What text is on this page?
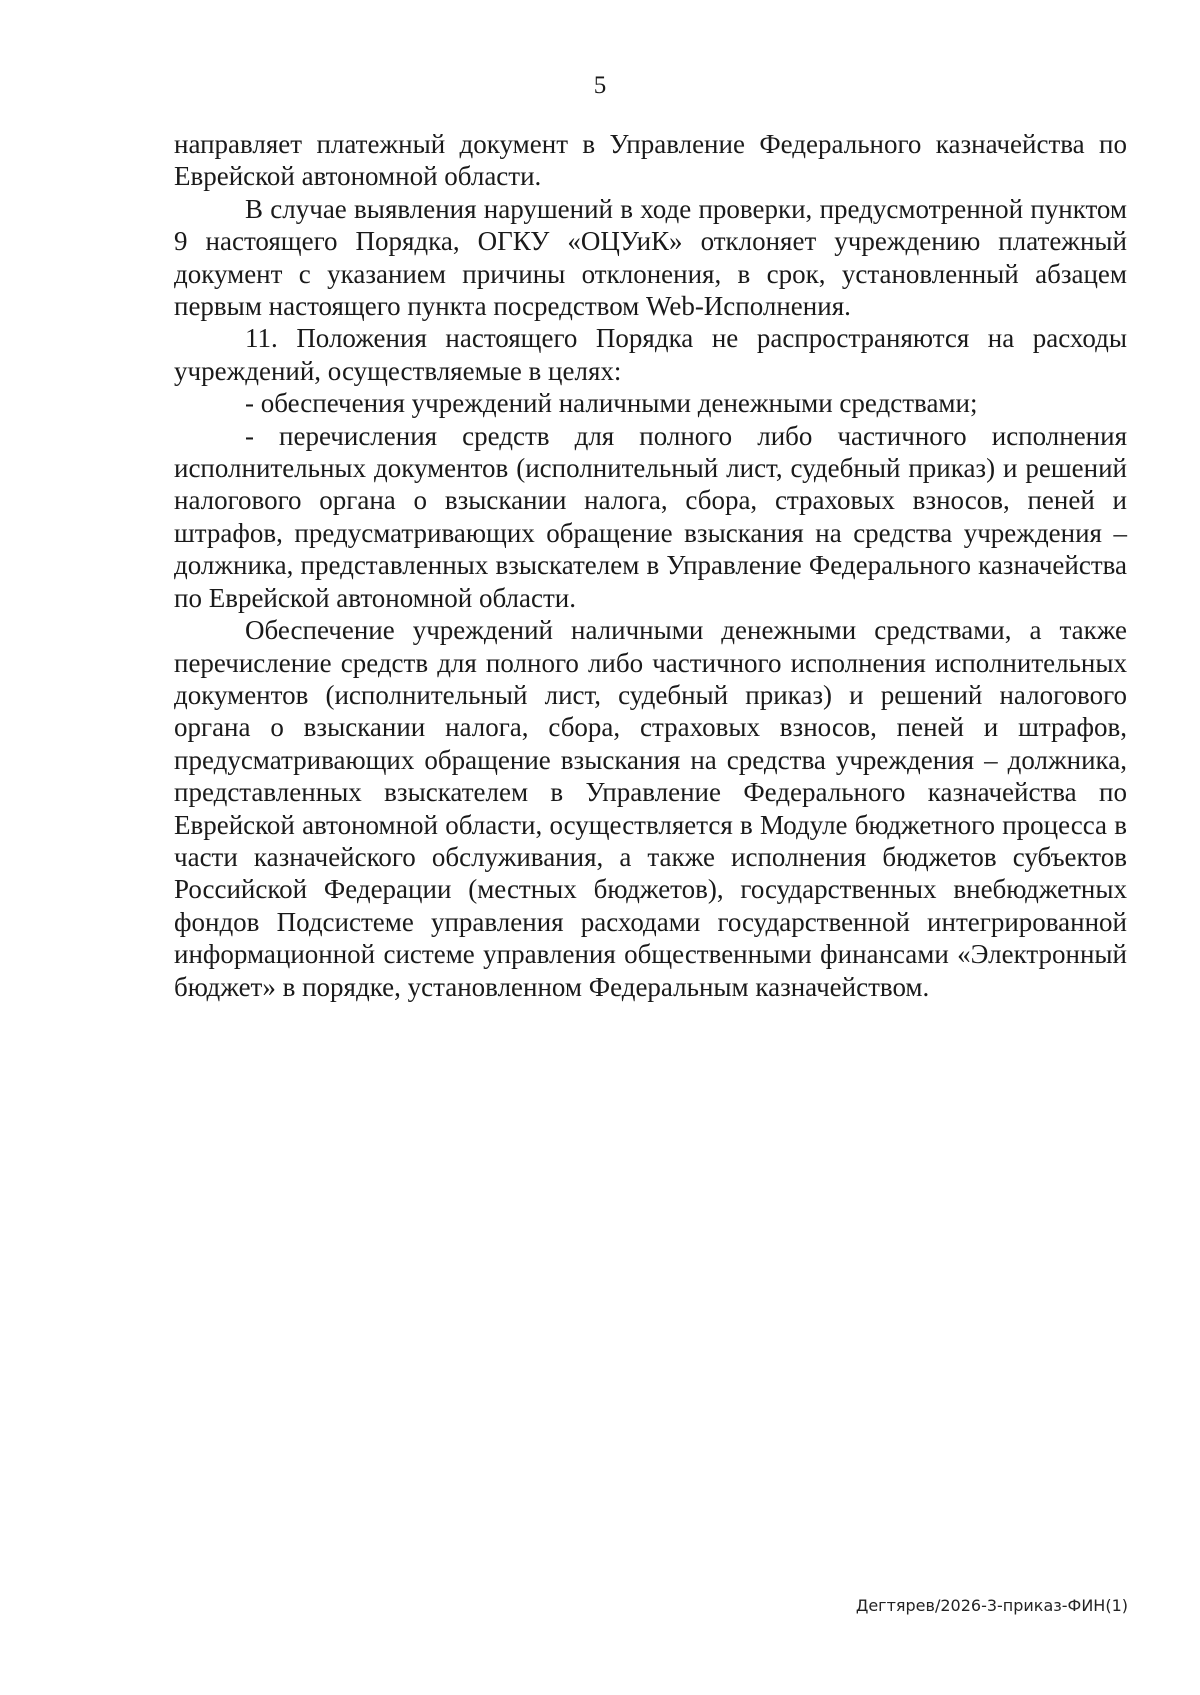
5

направляет платежный документ в Управление Федерального казначейства по Еврейской автономной области.

В случае выявления нарушений в ходе проверки, предусмотренной пунктом 9 настоящего Порядка, ОГКУ «ОЦУиК» отклоняет учреждению платежный документ с указанием причины отклонения, в срок, установленный абзацем первым настоящего пункта посредством Web-Исполнения.

11. Положения настоящего Порядка не распространяются на расходы учреждений, осуществляемые в целях:

- обеспечения учреждений наличными денежными средствами;

- перечисления средств для полного либо частичного исполнения исполнительных документов (исполнительный лист, судебный приказ) и решений налогового органа о взыскании налога, сбора, страховых взносов, пеней и штрафов, предусматривающих обращение взыскания на средства учреждения – должника, представленных взыскателем в Управление Федерального казначейства по Еврейской автономной области.

Обеспечение учреждений наличными денежными средствами, а также перечисление средств для полного либо частичного исполнения исполнительных документов (исполнительный лист, судебный приказ) и решений налогового органа о взыскании налога, сбора, страховых взносов, пеней и штрафов, предусматривающих обращение взыскания на средства учреждения – должника, представленных взыскателем в Управление Федерального казначейства по Еврейской автономной области, осуществляется в Модуле бюджетного процесса в части казначейского обслуживания, а также исполнения бюджетов субъектов Российской Федерации (местных бюджетов), государственных внебюджетных фондов Подсистеме управления расходами государственной интегрированной информационной системе управления общественными финансами «Электронный бюджет» в порядке, установленном Федеральным казначейством.

Дегтярев/2026-3-приказ-ФИН(1)
